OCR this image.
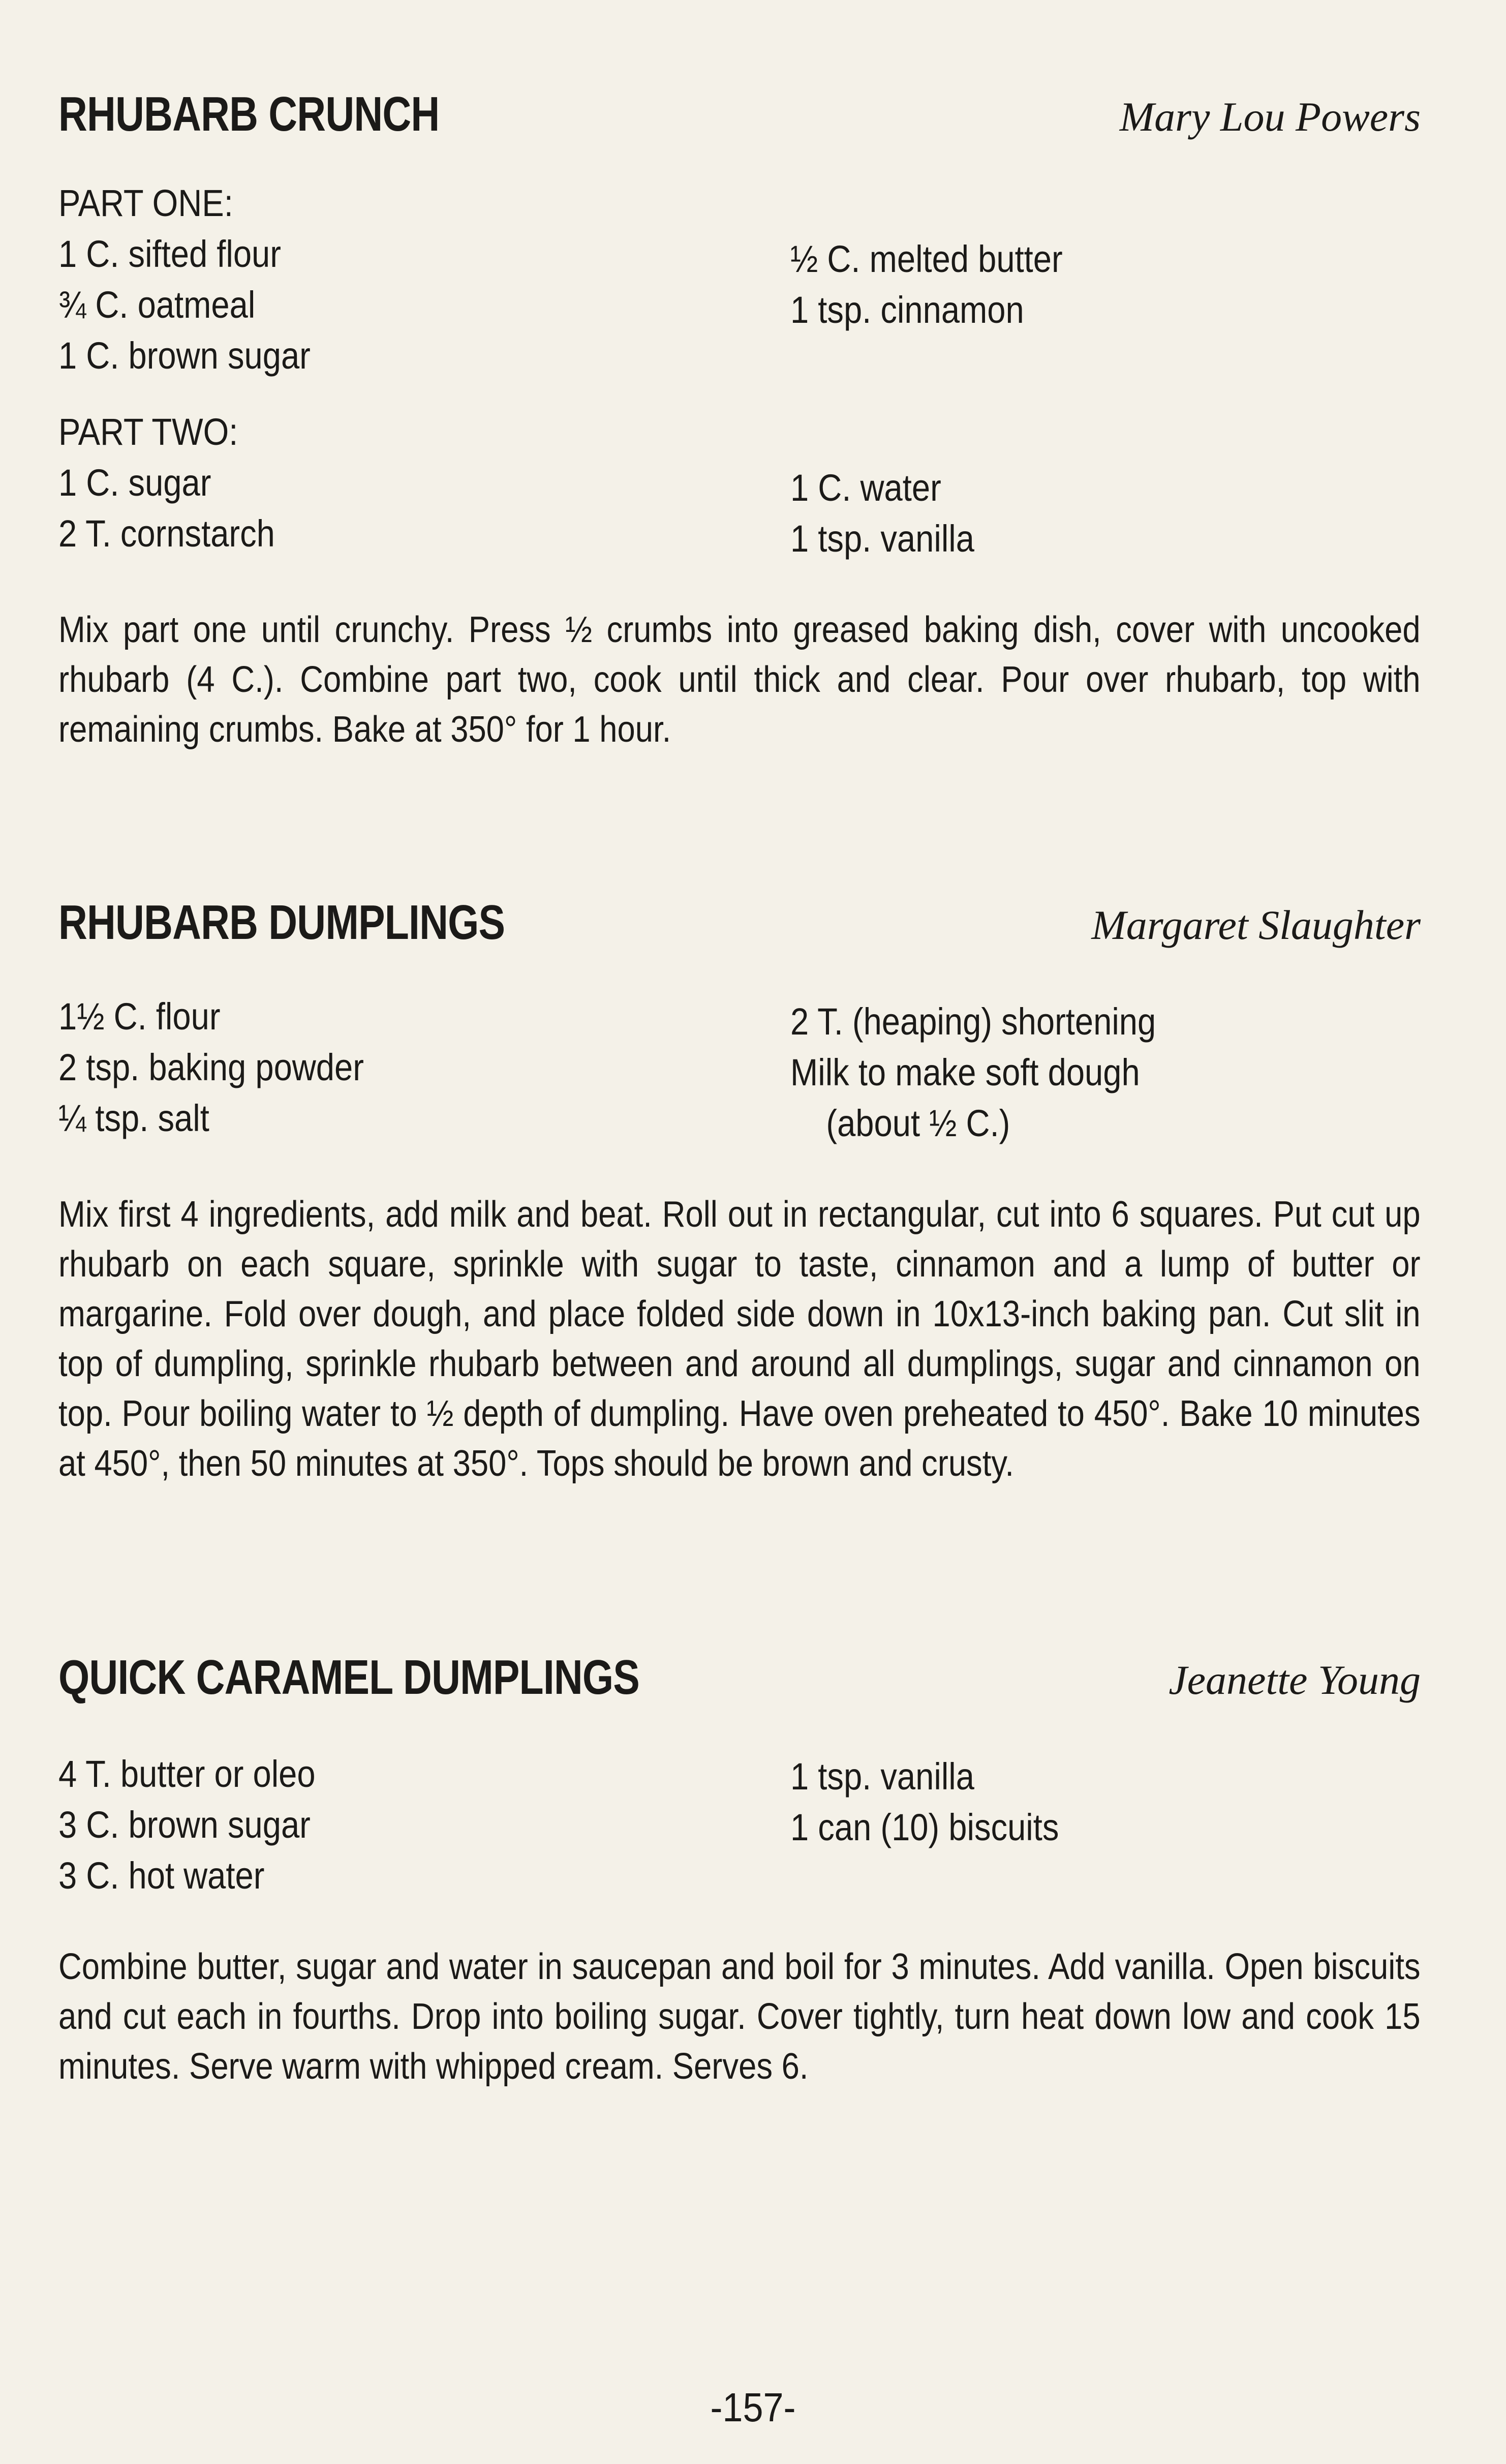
RHUBARB CRUNCH	Mary Lou Powers
PART ONE:
1 C. sifted flour
¾ C. oatmeal
1 C. brown sugar
½ C. melted butter
1 tsp. cinnamon
PART TWO:
1 C. sugar
2 T. cornstarch
1 C. water
1 tsp. vanilla
Mix part one until crunchy. Press ½ crumbs into greased baking dish, cover with uncooked rhubarb (4 C.). Combine part two, cook until thick and clear. Pour over rhubarb, top with remaining crumbs. Bake at 350° for 1 hour.
RHUBARB DUMPLINGS	Margaret Slaughter
1½ C. flour
2 tsp. baking powder
¼ tsp. salt
2 T. (heaping) shortening
Milk to make soft dough
(about ½ C.)
Mix first 4 ingredients, add milk and beat. Roll out in rectangular, cut into 6 squares. Put cut up rhubarb on each square, sprinkle with sugar to taste, cinnamon and a lump of butter or margarine. Fold over dough, and place folded side down in 10x13-inch baking pan. Cut slit in top of dumpling, sprinkle rhubarb between and around all dumplings, sugar and cinnamon on top. Pour boiling water to ½ depth of dumpling. Have oven preheated to 450°. Bake 10 minutes at 450°, then 50 minutes at 350°. Tops should be brown and crusty.
QUICK CARAMEL DUMPLINGS	Jeanette Young
4 T. butter or oleo
3 C. brown sugar
3 C. hot water
1 tsp. vanilla
1 can (10) biscuits
Combine butter, sugar and water in saucepan and boil for 3 minutes. Add vanilla. Open biscuits and cut each in fourths. Drop into boiling sugar. Cover tightly, turn heat down low and cook 15 minutes. Serve warm with whipped cream. Serves 6.
-157-
